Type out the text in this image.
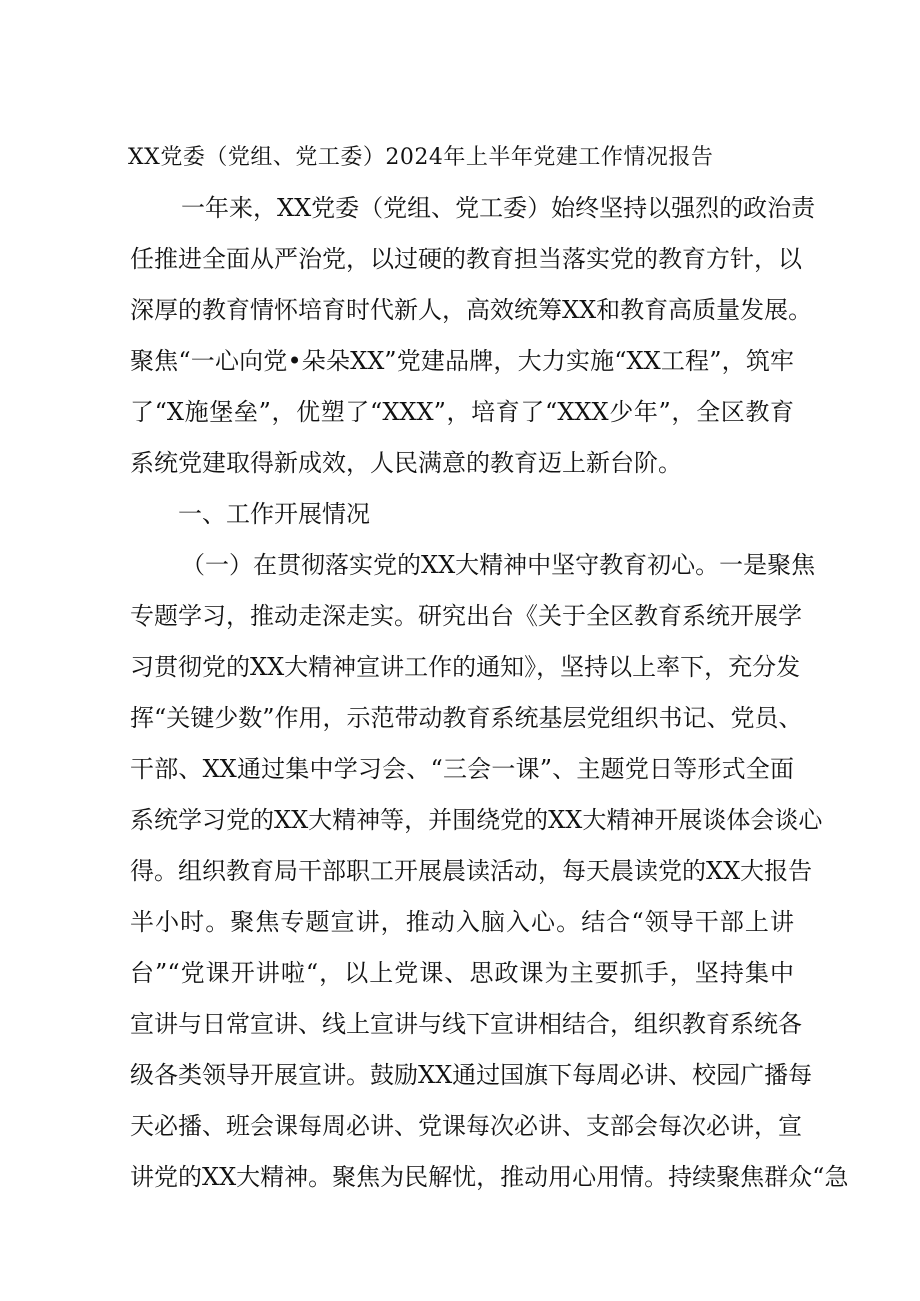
XX党委（党组、党工委）2024年上半年党建工作情况报告

一年来，XX党委（党组、党工委）始终坚持以强烈的政治责

任推进全面从严治党，以过硬的教育担当落实党的教育方针，以

深厚的教育情怀培育时代新人，高效统筹XX和教育高质量发展。

聚焦“一心向党•朵朵XX”党建品牌，大力实施“XX工程”，筑牢

了“X施堡垒”，优塑了“XXX”，培育了“XXX少年”，全区教育

系统党建取得新成效，人民满意的教育迈上新台阶。

一、工作开展情况

（一）在贯彻落实党的XX大精神中坚守教育初心。一是聚焦

专题学习，推动走深走实。研究出台《关于全区教育系统开展学

习贯彻党的XX大精神宣讲工作的通知》，坚持以上率下，充分发

挥“关键少数”作用，示范带动教育系统基层党组织书记、党员、

干部、XX通过集中学习会、“三会一课”、主题党日等形式全面

系统学习党的XX大精神等，并围绕党的XX大精神开展谈体会谈心

得。组织教育局干部职工开展晨读活动，每天晨读党的XX大报告

半小时。聚焦专题宣讲，推动入脑入心。结合“领导干部上讲

台”“党课开讲啦“，以上党课、思政课为主要抓手，坚持集中

宣讲与日常宣讲、线上宣讲与线下宣讲相结合，组织教育系统各

级各类领导开展宣讲。鼓励XX通过国旗下每周必讲、校园广播每

天必播、班会课每周必讲、党课每次必讲、支部会每次必讲，宣

讲党的XX大精神。聚焦为民解忧，推动用心用情。持续聚焦群众“急
